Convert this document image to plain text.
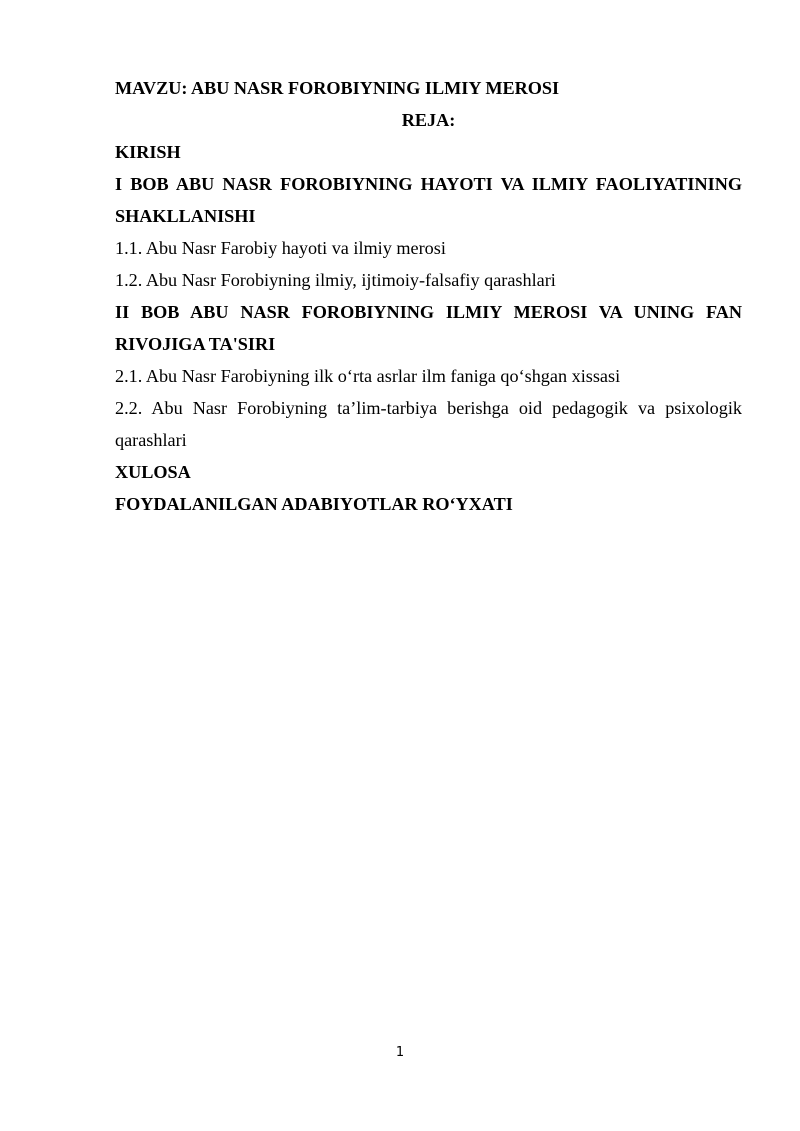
MAVZU: ABU NASR FOROBIYNING ILMIY MEROSI

REJA:

KIRISH

I BOB ABU NASR FOROBIYNING HAYOTI VA ILMIY FAOLIYATINING SHAKLLANISHI

1.1. Abu Nasr Farobiy hayoti va ilmiy merosi

1.2. Abu Nasr Forobiyning ilmiy, ijtimoiy-falsafiy qarashlari

II BOB ABU NASR FOROBIYNING ILMIY MEROSI VA UNING FAN RIVOJIGA TA'SIRI

2.1. Abu Nasr Farobiyning ilk o‘rta asrlar ilm faniga qo‘shgan xissasi

2.2. Abu Nasr Forobiyning ta’lim-tarbiya berishga oid pedagogik va psixologik qarashlari

XULOSA

FOYDALANILGAN ADABIYOTLAR RO‘YXATI

1
